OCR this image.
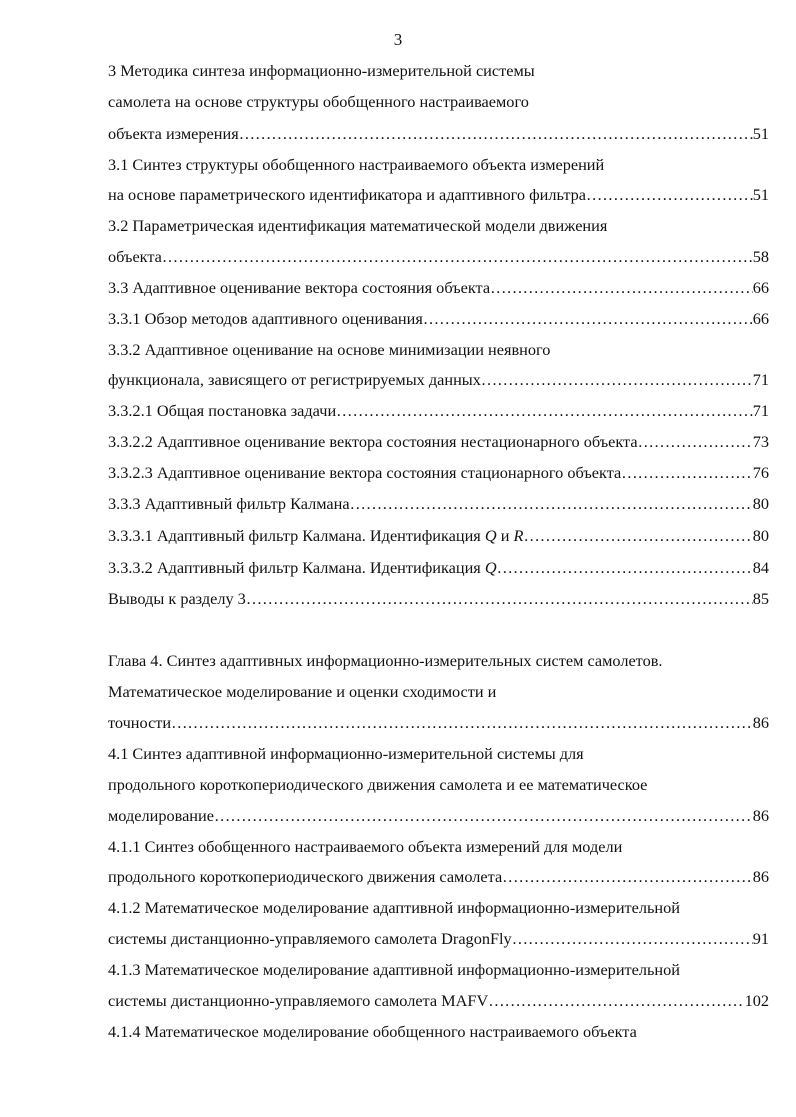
3
3 Методика синтеза информационно-измерительной системы
самолета на основе структуры обобщенного настраиваемого
объекта измерения …………………………………………………………………………………………………………………………………………………………………………………………………………	51
3.1 Синтез структуры обобщенного настраиваемого объекта измерений
на основе параметрического идентификатора и адаптивного фильтра …………………………………………………………………………………………………………………………………………………………………………………………………………	51
3.2 Параметрическая идентификация математической модели движения
объекта …………………………………………………………………………………………………………………………………………………………………………………………………………	58
3.3 Адаптивное оценивание вектора состояния объекта …………………………………………………………………………………………………………………………………………………………………………………………………………	66
3.3.1 Обзор методов адаптивного оценивания …………………………………………………………………………………………………………………………………………………………………………………………………………	66
3.3.2 Адаптивное оценивание на основе минимизации неявного
функционала, зависящего от регистрируемых данных …………………………………………………………………………………………………………………………………………………………………………………………………………	71
3.3.2.1 Общая постановка задачи …………………………………………………………………………………………………………………………………………………………………………………………………………	71
3.3.2.2 Адаптивное оценивание вектора состояния нестационарного объекта …………………………………………………………………………………………………………………………………………………………………………………………………………	73
3.3.2.3 Адаптивное оценивание вектора состояния стационарного объекта …………………………………………………………………………………………………………………………………………………………………………………………………………	76
3.3.3 Адаптивный фильтр Калмана …………………………………………………………………………………………………………………………………………………………………………………………………………	80
3.3.3.1 Адаптивный фильтр Калмана. Идентификация Q и R …………………………………………………………………………………………………………………………………………………………………………………………………………	80
3.3.3.2 Адаптивный фильтр Калмана. Идентификация Q …………………………………………………………………………………………………………………………………………………………………………………………………………	84
Выводы к разделу 3 …………………………………………………………………………………………………………………………………………………………………………………………………………	85
Глава 4. Синтез адаптивных информационно-измерительных систем самолетов.
Математическое моделирование и оценки сходимости и
точности …………………………………………………………………………………………………………………………………………………………………………………………………………	86
4.1 Синтез адаптивной информационно-измерительной системы для
продольного короткопериодического движения самолета и ее математическое
моделирование …………………………………………………………………………………………………………………………………………………………………………………………………………	86
4.1.1 Синтез обобщенного настраиваемого объекта измерений для модели
продольного короткопериодического движения самолета …………………………………………………………………………………………………………………………………………………………………………………………………………	86
4.1.2 Математическое моделирование адаптивной информационно-измерительной
системы дистанционно-управляемого самолета DragonFly …………………………………………………………………………………………………………………………………………………………………………………………………………	91
4.1.3 Математическое моделирование адаптивной информационно-измерительной
системы дистанционно-управляемого самолета MAFV …………………………………………………………………………………………………………………………………………………………………………………………………………	102
4.1.4 Математическое моделирование обобщенного настраиваемого объекта
